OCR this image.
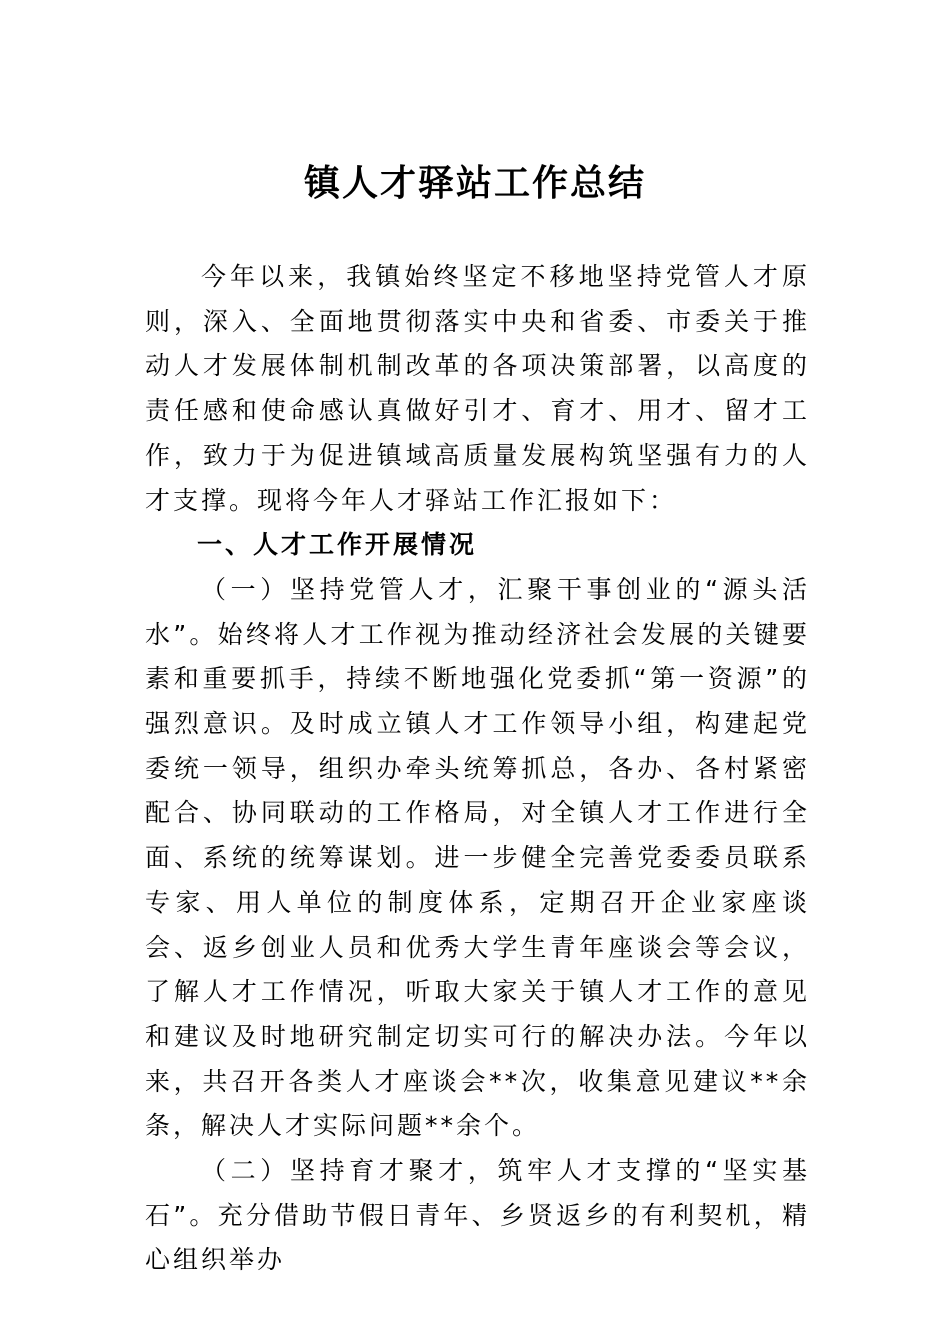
镇人才驿站工作总结

今年以来，我镇始终坚定不移地坚持党管人才原则，深入、全面地贯彻落实中央和省委、市委关于推动人才发展体制机制改革的各项决策部署，以高度的责任感和使命感认真做好引才、育才、用才、留才工作，致力于为促进镇域高质量发展构筑坚强有力的人才支撑。现将今年人才驿站工作汇报如下：

一、人才工作开展情况

（一）坚持党管人才，汇聚干事创业的“源头活水”。始终将人才工作视为推动经济社会发展的关键要素和重要抓手，持续不断地强化党委抓“第一资源”的强烈意识。及时成立镇人才工作领导小组，构建起党委统一领导，组织办牵头统筹抓总，各办、各村紧密配合、协同联动的工作格局，对全镇人才工作进行全面、系统的统筹谋划。进一步健全完善党委委员联系专家、用人单位的制度体系，定期召开企业家座谈会、返乡创业人员和优秀大学生青年座谈会等会议，了解人才工作情况，听取大家关于镇人才工作的意见和建议及时地研究制定切实可行的解决办法。今年以来，共召开各类人才座谈会**次，收集意见建议**余条，解决人才实际问题**余个。

（二）坚持育才聚才，筑牢人才支撑的“坚实基石”。充分借助节假日青年、乡贤返乡的有利契机，精心组织举办
